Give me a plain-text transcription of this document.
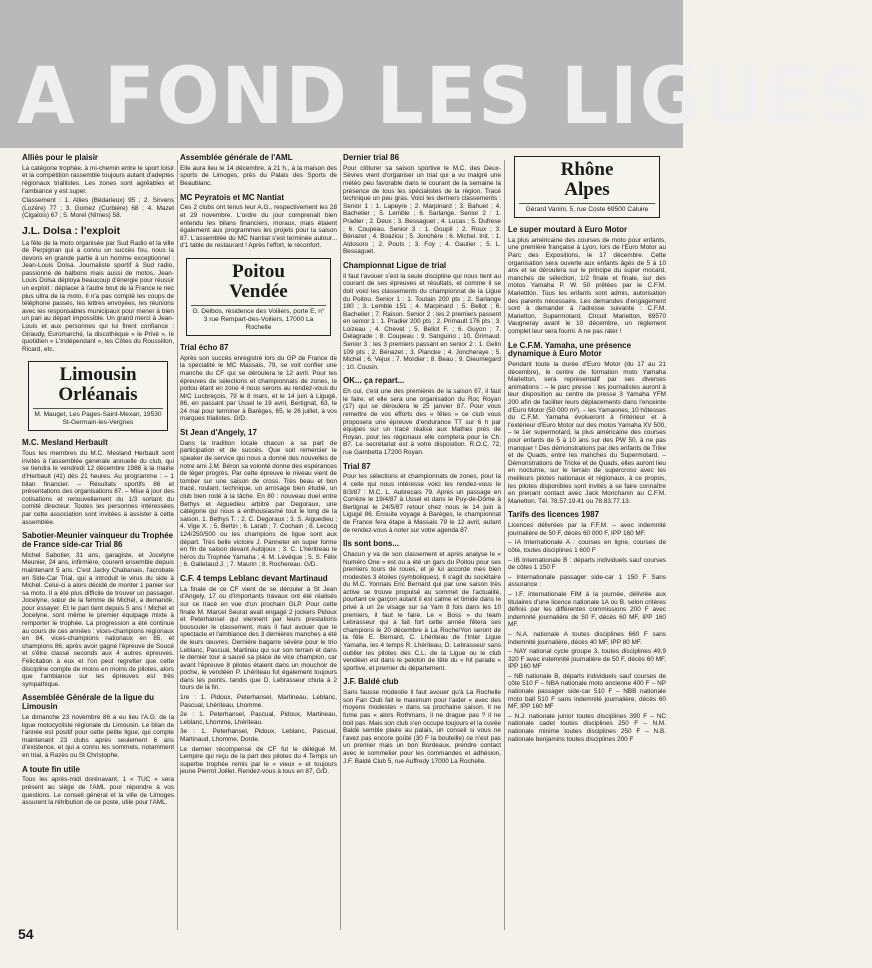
A FOND LES LIGUES
Alliés pour le plaisir

La catégorie trophée, à mi-chemin entre le sport loisir et la compétition rassemble toujours autant d'adeptes régionaux triallistes. Les zones sont agréables et l'ambiance y est super.

Classement : 1. Allies (Bédarieux) 95 ; 2. Sirvens (Lozère) 77 ; 3. Gomez (Curbière) 68 ; 4. Mazet (Cigalois) 67 ; 5. Morel (Nîmes) 58.

J.L. Dolsa : l'exploit

La fête de la moto organisée par Sud Radio et la ville de Perpignan qui a connu un succès fou, nous la devons en grande partie à un homme exceptionnel : Jean-Louis Dolsa. Journaliste sportif à Sud radio, passionné de balbons mais aussi de motos, Jean-Louis Dolsa déploya beaucoup d'énergie pour réussir un exploit : déplacer à l'autre bout de la France le nec plus ultra de la moto. Il n'a pas compté les coups de téléphone passés, les lettres envoyées, les réunions avec les responsables municipaux pour mener à bien un pari au départ impossible. Un grand merci à Jean-Louis et aux personnes qui lui firent confiance : Giraudy, Euromarché, la discothèque « le Privé », le quotidien « L'Indépendant », les Côtes du Roussillon, Ricard, etc.

Limousin
Orléanais
M. Mauget, Les Pages-Saint-Mexan, 19530 St-Germain-les-Vergnes
M.C. Mesland Herbault

Tous les membres du M.C. Mesland Herbault sont invités à l'assemblée générale annuelle du club, qui se tiendra le vendredi 12 décembre 1986 à la mairie d'Herbault (41) dès 21 heures. Au programme : – 1 bilan financier. – Résultats sportifs 86 et présentations des organisations 87. – Mise à jour des cotisations et renouvellement du 1/3 sortant du comité directeur. Toutes les personnes intéressées par cette association sont invitées à assister à cette assemblée.

Sabotier-Meunier vainqueur du Trophée de France side-car Trial 86

Michel Sabotier, 31 ans, garagiste, et Jocelyne Meunier, 24 ans, infirmière, courent ensemble depuis maintenant 5 ans. C'est Jacky Chabanais, l'acrobate en Side-Car Trial, qui a introduit le virus du side à Michel. Celui-ci a alors décidé de monter 1 panier sur sa moto. Il a été plus difficile de trouver un passager. Jocelyne, sœur de la femme de Michel, a demandé, pour essayer. Et le pari tient depuis 5 ans ! Michel et Jocelyne, sont même le premier équipage mixte à remporter le trophée. La progression a été continue au cours de ces années : vices-champions régionaux en 84, vices-champions nationaux en 85, et champions 86, après avoir gagné l'épreuve de Soucé et s'être classé seconds aux 4 autres épreuves. Félicitation à eux et l'on peut regretter que cette discipline compte de moins en moins de pilotes, alors que l'ambiance sur les épreuves est très sympathique.

Assemblée Générale de la ligue du Limousin

Le dimanche 23 novembre 86 a eu lieu l'A.G. de la ligue motocycliste régionale du Limousin. Le bilan de l'année est positif pour cette petite ligue, qui compte maintenant 23 clubs après seulement 6 ans d'existence, et qui a connu les sommets, notamment en trial, à Razès ou St Christophe.

A toute fin utile

Tous les après-midi dorénavant, 1 « TUC » sera présent au siège de l'AML pour répondre à vos questions. Le conseil général et la ville de Limoges assurent la rétribution de ce poste, utile pour l'AML.

Assemblée générale de l'AML

Elle aura lieu le 14 décembre, à 21 h., à la maison des sports de Limoges, près du Palais des Sports de Beaublanc.

MC Peyratois et MC Nantiat

Ces 2 clubs ont tenus leur A.G., respectivement les 28 et 29 novembre. L'ordre du jour comprenait bien entendu les bilans financiers, moraux, mais étaient également aux programmes les projets pour la saison 87. L'assemblée du MC Nantiat s'est terminée autour... d'1 table de restaurant ! Après l'effort, le réconfort.

Poitou
Vendée
G. Delbos, résidence des Voiliers, porte E, n° 3 rue Rempart-des-Voiliers, 17000 La Rochelle
Trial écho 87

Après son succès enregistré lors du GP de France de la spécialité le MC Massais, 79, se voit confier une manche du CF qui se déroulera le 12 avril. Pour les épreuves de sélections et championnats de zones, le poitou étant en zone 4 nous serons au rendez-vous du M/C Lucbreçois, 79 le 8 mars, et le 14 juin à Ligugé, 86, en passant par Ussel le 19 avril, Bertignat, 63, le 24 mai pour terminer à Barèges, 65, le 26 juillet, à vos marques trialistes. G/D.

St Jean d'Angely, 17

Dans la tradition locale chacun a sa part de participation et de succès. Que soit remercier le speaker de service qui nous a donné des nouvelles de notre ami J.M. Béron sa volonté donne des espérances de léger progrès. Par cette épreuve le niveau vient de tomber sur une saison de cross. Très beau et bon tracé, roulant, technique, un arrosage bien étudié, un club bien rodé à la tâche. En 80 : nouveau duel entre Bethys et Aiguedieu arbitré par Degoraux, une catégorie qui nous a enthousiasmé tout le long de la saison. 1. Bethys T. ; 2. C. Degoraux ; 3. S. Aiguedieu ; 4. Vige X. ; 5. Bertin ; 6. Larab ; 7. Cochain ; 8. Lecocq 124/250/500 ou les champions de ligue sont aux départ. Très belle victoire J. Panneter en super forme en fin de saison devant Aubijoux ; 3. C. L'héritreau le héros du Trophée Yamaha ; 4. M. Lévêque ; 5. S. Félix ; 6. Galletaud J. ; 7. Maurin ; 8. Rochereau. G/D.

C.F. 4 temps Leblanc devant Martinaud

La finale de ce CF vient de se dérouler à St Jean d'Angely, 17 ou d'importants travaux ont été réalisés sur ce tracé en vue d'un prochain GLP. Pour cette finale M. Marcel Seurat avait engagé 2 jockers Pidoux et Peterhansel qui viennent par leurs prestations bousculer le classement, mais il faut avouer que le spectacle et l'ambiance des 3 dernières manches a été de leurs œuvres. Dernière bagarre sévère pour le trio Leblanc, Pascual, Martinau qui sur son terrain et dans le dernier tour a sauvé sa place de vice champion, car avant l'épreuve 8 pilotes étaient dans un mouchoir de poche, le vendéen P. Lhériteau fut également toujours dans les points, tandis que D. Lebrasseur chuta à 2 tours de la fin.

1re : 1. Pidoux, Peterhansel, Martineau, Leblanc, Pascual, Lhériteau, Lhomme.

2e : 1. Peterhansel, Pascual, Pidoux, Martineau, Leblanc, Lhomme, Lhériteau.

3e : 1. Peterhansel, Pidoux, Leblanc, Pascual, Martinaud, Lhomme, Dorde.

Le dernier récompensé de CF fut le délégué M. Lempire qui reçu de la part des pilotes du 4 Temps un superbe trophée remis par le « vieux » et toujours jeune Pierrot Joillet. Rendez-vous à tous en 87, G/D.

Dernier trial 86

Pour clôturer sa saison sportive le M.C. des Deux-Sèvres vient d'organiser un trial qui a vu malgré une météo peu favorable dans le courant de la semaine la présence de tous les spécialistes de la région. Tracé technique un peu gras. Voici les derniers classements : Senior 1 : 1. Lapeyre ; 2. Marpinard ; 3. Bahuet ; 4. Bachelier ; 5. Lemble ; 6. Sarlange. Senior 2 : 1. Pradier ; 2. Deux ; 3. Bessaguet ; 4. Lucas ; 5. Dufrese ; 6. Coupeau. Senior 3 : 1. Goupil ; 2. Roux ; 3. Bénazet ; 4. Boaziou ; 5. Jonchère ; 6. Michel. Init. : 1. Aldosoro ; 2. Pouts ; 3. Foy ; 4. Gautier ; 5. L. Bessaguet.

Championnat Ligue de trial

Il faut l'avouer s'est la seule discipline qui nous tient au courant de ses épreuves et résultats, et comme il se doit voici les classements du championnat de la Ligue du Poitou. Senior 1 : 1. Toutain 200 pts ; 2. Sarlange 180 ; 3. Lemble 151 ; 4. Marpinard ; 5. Bellot ; 6. Bachelier ; 7. Raison. Senior 2 : les 2 premiers passent en senior 1 : 1. Pradier 200 pts ; 2. Primault 176 pts ; 3. Loizeau ; 4. Chevet ; 5. Bellot F. ; 6. Guyon ; 7. Delagrade ; 8. Coupeau ; 9. Sanguino ; 10. Grimaud. Senior 3 : les 3 premiers passant en senior 2 : 1. Gelin 109 pts ; 2. Bénazet ; 3. Plancke ; 4. Joncheraye ; 5. Michel ; 6. Vejux ; 7. Mordier ; 8. Beau ; 9. Dieumegard ; 10. Cousin.

OK... ça repart...

Eh oui, c'est une des premières de la saison 87, il faut le faire, et elle sera une organisation du Roc Royan (17) qui se déroulera le 25 janvier 87. Pour vous remettre de vos efforts des « fêtes » ce club vous proposera une épreuve d'endurance TT sur 6 h par équipes sur un tracé réalisé aux Mathes près de Royan, pour les régionaux elle comptera pour le Ch. B7. Le secrétariat est à votre disposition. R.O.C. 72, rue Gambetta 17200 Royan.

Trial 87

Pour les sélections et championnats de zones, pour la 4 celle qui nous intéresse voici les rendez-vous le 8/3/87 : M.C. L. Aubrecais 79. Après un passage en Corrèze le 19/4/87 à Ussel et dans le Puy-de-Dôme à Bertignat le 24/5/87 retour chez nous le 14 juin à Ligugé 86. Ensuite voyage à Barèges, le championnat de France fera étape à Massais 79 le 12 avril, autant de rendez-vous à noter sur votre agenda 87.

Ils sont bons...

Chacun y va de son classement et après analyse le « Numéro One » est ou a été un gars du Poitou pour ses premiers tours de roues, et je lui accorde mes bien modestes 3 étoiles (symboliques). Il s'agit du sociétaire du M.C. Yonnais Eric Bernard qui par une saison très active se trouve propulsé au sommet de l'actualité, pourtant ce garçon autant il est calme et timide dans le privé à un 2e visage sur sa Yam 8 fois dans les 10 premiers, il faut le faire. Le « Boss » du team Lebrasseur qui a fait fort cette année fêtera ses champions le 20 décembre à La Roche/Yon seront de la fête E. Bernard, C. Lhériteau de l'Inter Ligue Yamaha, les 4 temps R. Lhériteau, D. Lebrasseur sans oublier les pilotes des C.L. de la Ligue ou le club vendéen est dans le peloton de tête du « hit parade » sportive, et premier du département.

J.F. Baldé club

Sans fausse modestie il faut avouer qu'à La Rochelle son Fan Club fait le maximum pour l'aider « avec des moyens modestes » dans sa prochaine saison. Il ne fume pas « alors Rothmans, il ne drague pas ? il ne boit pas. Mais son club s'en occupe toujours et la cuvée Baldé semble plaire au palais, un conseil si vous ne l'avez pas encore goûté (30 F la bouteille) ce n'est pas un premier mais un bon Bordeaux, prendre contact avec le sommelier pour les commandes et adhésion, J.F. Baldé Club 5, rue Auffredy 17000 La Rochelle.

Rhône
Alpes
Gérard Vanini, 5, rue Coste 69500 Caluire
Le super moutard à Euro Motor

La plus américaine des courses de moto pour enfants, une première française à Lyon, lors de l'Euro Motor au Parc des Expositions, le 17 décembre. Cette organisation sera ouverte aux enfants âgés de 5 à 10 ans et se déroulera sur le principe du super mocard, manches de sélection, 1/2 finale et finale, sur des motos Yamaha P. W. 50 prêtées par le C.F.M. Mariettton. Tous les enfants sont admis, autorisation des parents nécessaire. Les demandes d'engagement sont à demander à l'adresse suivante : C.F.M. Marietton, Supermotard, Circuit Marietton, 69570 Vaugneray avant le 10 décembre, un règlement complet leur sera fourni. A ne pas rater !

Le C.F.M. Yamaha, une présence dynamique à Euro Motor

Pendant toute la durée d'Euro Motor (du 17 au 21 décembre), le centre de formation moto Yamaha Marietton, sera représentatif par ses diverses animations : – le parc presse : les journalistes auront à leur disposition au centre de presse 3 Yamaha YFM 200 afin de faciliter leurs déplacements dans l'enceinte d'Euro Motor (50 000 m²). – les Yamaones, 10 hôtesses du C.F.M. Yamaha évolueront à l'intérieur et à l'extérieur d'Euro Motor sur des motos Yamaha XV 500, – le 1er supermotard, la plus américaine des courses pour enfants de 5 à 10 ans sur des PW 50, à ne pas manquer ! Des démonstrations par des enfants de Trike et de Quads, entre les manches du Supermotard. – Démonstrations de Tricke et de Quads, elles auront lieu en nocturne, sur le terrain de supercross avec les meilleurs pilotes nationaux et régionaux, à ce propos, les pilotes disponibles sont invités à se faire connaître en prenant contact avec Jack Monchanin au C.F.M. Marietton. Tél. 78.57.19.41 ou 78.83.77.13.

Tarifs des licences 1987

Licences délivrées par la F.F.M. – avec indemnité journalière de 50 F, décès 60 000 F, IPP 160 MF.

– IA Internationale A : courses en ligne, courses de côte, toutes disciplines 1 600 F

– IB Internationale B : départs individuels sauf courses de côtes 1 150 F

– Internationale passager side-car 1 150 F Sans assurance :

– I.F. internationale FIM à la journée, délivrée aux titulaires d'une licence nationale 1A ou B. selon critères définis par les différentes commissions 200 F avec indemnité journalière de 50 F, décès 60 MF, IPP 160 MF.

– N.A. nationale A toutes disciplines 660 F sans indemnité journalière, décès 40 MF, IPP 80 MF.

– NAY national cycle groupe 3, toutes disciplines 49,9 320 F avec indemnité journalière de 50 F, décès 60 MF, IPP 160 MF

– NB nationale B, départs individuels sauf courses de côte 510 F – NBA nationale moto ancienne 400 F – NP nationale passager side-car 510 F – NBB nationale moto ball 510 F sans indemnité journalière, décès 60 MF, IPP 160 MF

– N.J. nationale junior toutes disciplines 390 F – NC nationale cadet toutes disciplines 250 F – N.M. nationale minime toutes disciplines 250 F – N.B. nationale benjamins toutes disciplines 200 F

54
